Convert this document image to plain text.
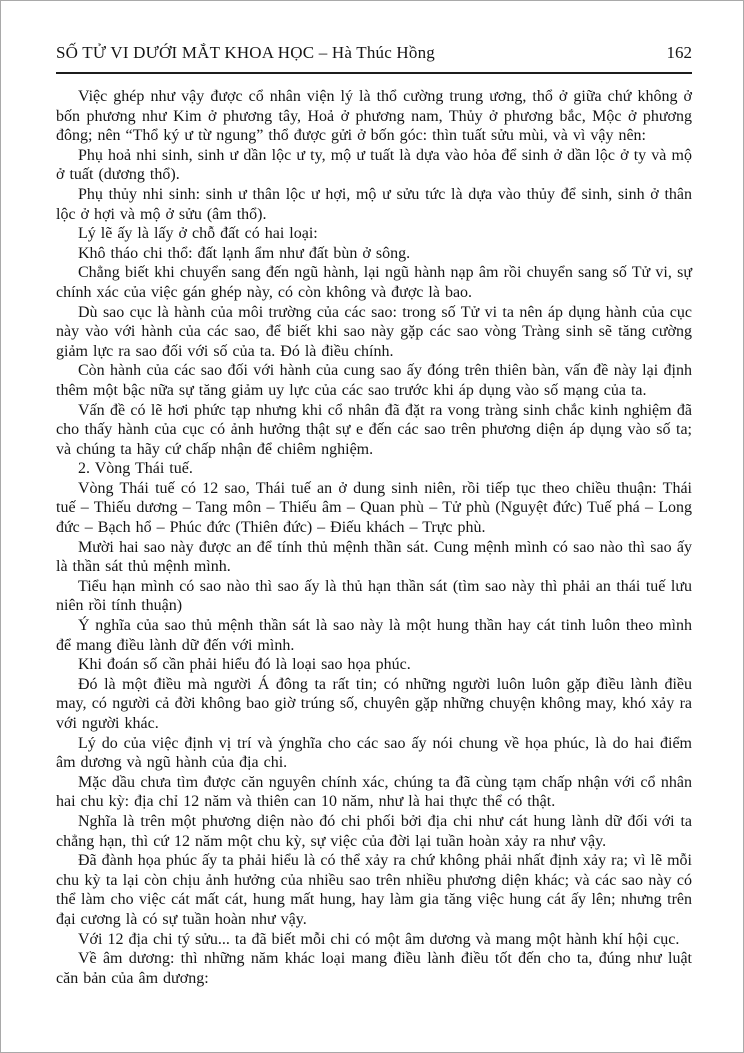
SỐ TỬ VI DƯỚI MẮT KHOA HỌC – Hà Thúc Hồng	162

Việc ghép như vậy được cổ nhân viện lý là thổ cường trung ương, thổ ở giữa chứ không ở bốn phương như Kim ở phương tây, Hoả ở phương nam, Thủy ở phương bắc, Mộc ở phương đông; nên “Thổ ký ư từ ngung” thổ được gửi ở bốn góc: thìn tuất sửu mùi, và vì vậy nên:

Phụ hoả nhi sinh, sinh ư dần lộc ư ty, mộ ư tuất là dựa vào hỏa để sinh ở dần lộc ở ty và mộ ở tuất (dương thổ).

Phụ thủy nhi sinh: sinh ư thân lộc ư hợi, mộ ư sửu tức là dựa vào thủy để sinh, sinh ở thân lộc ở hợi và mộ ở sửu (âm thổ).

Lý lẽ ấy là lấy ở chỗ đất có hai loại:

Khô tháo chi thổ: đất lạnh ẩm như đất bùn ở sông.

Chẳng biết khi chuyển sang đến ngũ hành, lại ngũ hành nạp âm rồi chuyển sang số Tử vi, sự chính xác của việc gán ghép này, có còn không và được là bao.

Dù sao cục là hành của môi trường của các sao: trong số Tử vi ta nên áp dụng hành của cục này vào với hành của các sao, để biết khi sao này gặp các sao vòng Tràng sinh sẽ tăng cường giảm lực ra sao đối với số của ta. Đó là điều chính.

Còn hành của các sao đối với hành của cung sao ấy đóng trên thiên bàn, vấn đề này lại định thêm một bậc nữa sự tăng giảm uy lực của các sao trước khi áp dụng vào số mạng của ta.

Vấn đề có lẽ hơi phức tạp nhưng khi cổ nhân đã đặt ra vong tràng sinh chắc kinh nghiệm đã cho thấy hành của cục có ảnh hưởng thật sự e đến các sao trên phương diện áp dụng vào số ta; và chúng ta hãy cứ chấp nhận để chiêm nghiệm.

2. Vòng Thái tuế.

Vòng Thái tuế có 12 sao, Thái tuế an ở dung sinh niên, rồi tiếp tục theo chiều thuận: Thái tuế – Thiếu dương – Tang môn – Thiếu âm – Quan phù – Tử phù (Nguyệt đức) Tuế phá – Long đức – Bạch hổ – Phúc đức (Thiên đức) – Điếu khách – Trực phù.

Mười hai sao này được an để tính thủ mệnh thần sát. Cung mệnh mình có sao nào thì sao ấy là thần sát thủ mệnh mình.

Tiểu hạn mình có sao nào thì sao ấy là thủ hạn thần sát (tìm sao này thì phải an thái tuế lưu niên rồi tính thuận)

Ý nghĩa của sao thủ mệnh thần sát là sao này là một hung thần hay cát tinh luôn theo mình để mang điều lành dữ đến với mình.

Khi đoán số cần phải hiểu đó là loại sao họa phúc.

Đó là một điều mà người Á đông ta rất tin; có những người luôn luôn gặp điều lành điều may, có người cả đời không bao giờ trúng số, chuyên gặp những chuyện không may, khó xảy ra với người khác.

Lý do của việc định vị trí và ýnghĩa cho các sao ấy nói chung về họa phúc, là do hai điểm âm dương và ngũ hành của địa chi.

Mặc dầu chưa tìm được căn nguyên chính xác, chúng ta đã cùng tạm chấp nhận với cổ nhân hai chu kỳ: địa chỉ 12 năm và thiên can 10 năm, như là hai thực thể có thật.

Nghĩa là trên một phương diện nào đó chi phối bởi địa chi như cát hung lành dữ đối với ta chẳng hạn, thì cứ 12 năm một chu kỳ, sự việc của đời lại tuần hoàn xảy ra như vậy.

Đã đành họa phúc ấy ta phải hiểu là có thể xảy ra chứ không phải nhất định xảy ra; vì lẽ mỗi chu kỳ ta lại còn chịu ảnh hưởng của nhiều sao trên nhiều phương diện khác; và các sao này có thể làm cho việc cát mất cát, hung mất hung, hay làm gia tăng việc hung cát ấy lên; nhưng trên đại cương là có sự tuần hoàn như vậy.

Với 12 địa chi tý sửu... ta đã biết mỗi chi có một âm dương và mang một hành khí hội cục.

Về âm dương: thì những năm khác loại mang điều lành điều tốt đến cho ta, đúng như luật căn bản của âm dương:
